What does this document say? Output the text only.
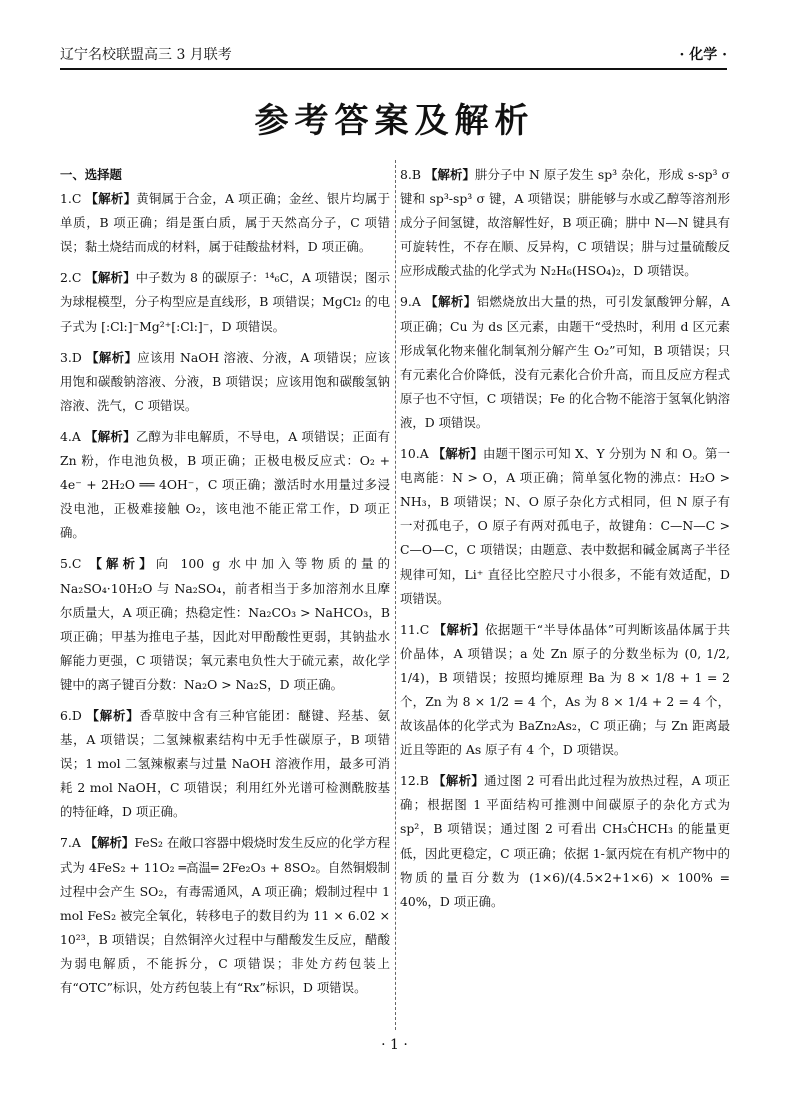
辽宁名校联盟高三 3 月联考	· 化学 ·
参考答案及解析
一、选择题

1.C 【解析】黄铜属于合金，A 项正确；金丝、银片均属于单质，B 项正确；绢是蛋白质，属于天然高分子，C 项错误；黏土烧结而成的材料，属于硅酸盐材料，D 项正确。

2.C 【解析】中子数为 8 的碳原子：¹⁴₆C，A 项错误；图示为球棍模型，分子构型应是直线形，B 项错误；MgCl₂ 的电子式为 [:Cl:]⁻Mg²⁺[:Cl:]⁻，D 项错误。

3.D 【解析】应该用 NaOH 溶液、分液，A 项错误；应该用饱和碳酸钠溶液、分液，B 项错误；应该用饱和碳酸氢钠溶液、洗气，C 项错误。

4.A 【解析】乙醇为非电解质，不导电，A 项错误；正面有 Zn 粉，作电池负极，B 项正确；正极电极反应式：O₂ + 4e⁻ + 2H₂O ══ 4OH⁻，C 项正确；激活时水用量过多浸没电池，正极难接触 O₂，该电池不能正常工作，D 项正确。

5.C 【解析】向 100 g 水中加入等物质的量的 Na₂SO₄·10H₂O 与 Na₂SO₄，前者相当于多加溶剂水且摩尔质量大，A 项正确；热稳定性：Na₂CO₃ > NaHCO₃，B 项正确；甲基为推电子基，因此对甲酚酸性更弱，其钠盐水解能力更强，C 项错误；氧元素电负性大于硫元素，故化学键中的离子键百分数：Na₂O > Na₂S，D 项正确。

6.D 【解析】香草胺中含有三种官能团：醚键、羟基、氨基，A 项错误；二氢辣椒素结构中无手性碳原子，B 项错误；1 mol 二氢辣椒素与过量 NaOH 溶液作用，最多可消耗 2 mol NaOH，C 项错误；利用红外光谱可检测酰胺基的特征峰，D 项正确。

7.A 【解析】FeS₂ 在敞口容器中煅烧时发生反应的化学方程式为 4FeS₂ + 11O₂ ═高温═ 2Fe₂O₃ + 8SO₂。自然铜煅制过程中会产生 SO₂，有毒需通风，A 项正确；煅制过程中 1 mol FeS₂ 被完全氧化，转移电子的数目约为 11 × 6.02 × 10²³，B 项错误；自然铜淬火过程中与醋酸发生反应，醋酸为弱电解质，不能拆分，C 项错误；非处方药包装上有“OTC”标识，处方药包装上有“Rx”标识，D 项错误。

8.B 【解析】肼分子中 N 原子发生 sp³ 杂化，形成 s-sp³ σ 键和 sp³-sp³ σ 键，A 项错误；肼能够与水或乙醇等溶剂形成分子间氢键，故溶解性好，B 项正确；肼中 N—N 键具有可旋转性，不存在顺、反异构，C 项错误；肼与过量硫酸反应形成酸式盐的化学式为 N₂H₆(HSO₄)₂，D 项错误。

9.A 【解析】铝燃烧放出大量的热，可引发氯酸钾分解，A 项正确；Cu 为 ds 区元素，由题干“受热时，利用 d 区元素形成氧化物来催化制氧剂分解产生 O₂”可知，B 项错误；只有元素化合价降低，没有元素化合价升高，而且反应方程式原子也不守恒，C 项错误；Fe 的化合物不能溶于氢氧化钠溶液，D 项错误。

10.A 【解析】由题干图示可知 X、Y 分别为 N 和 O。第一电离能：N > O，A 项正确；简单氢化物的沸点：H₂O > NH₃，B 项错误；N、O 原子杂化方式相同，但 N 原子有一对孤电子，O 原子有两对孤电子，故键角：C—N—C > C—O—C，C 项错误；由题意、表中数据和碱金属离子半径规律可知，Li⁺ 直径比空腔尺寸小很多，不能有效适配，D 项错误。

11.C 【解析】依据题干“半导体晶体”可判断该晶体属于共价晶体，A 项错误；a 处 Zn 原子的分数坐标为 (0, 1/2, 1/4)，B 项错误；按照均摊原理 Ba 为 8 × 1/8 + 1 = 2 个，Zn 为 8 × 1/2 = 4 个，As 为 8 × 1/4 + 2 = 4 个，故该晶体的化学式为 BaZn₂As₂，C 项正确；与 Zn 距离最近且等距的 As 原子有 4 个，D 项错误。

12.B 【解析】通过图 2 可看出此过程为放热过程，A 项正确；根据图 1 平面结构可推测中间碳原子的杂化方式为 sp²，B 项错误；通过图 2 可看出 CH₃ĊHCH₃ 的能量更低，因此更稳定，C 项正确；依据 1-氯丙烷在有机产物中的物质的量百分数为 (1×6)/(4.5×2+1×6) × 100% = 40%，D 项正确。

· 1 ·
